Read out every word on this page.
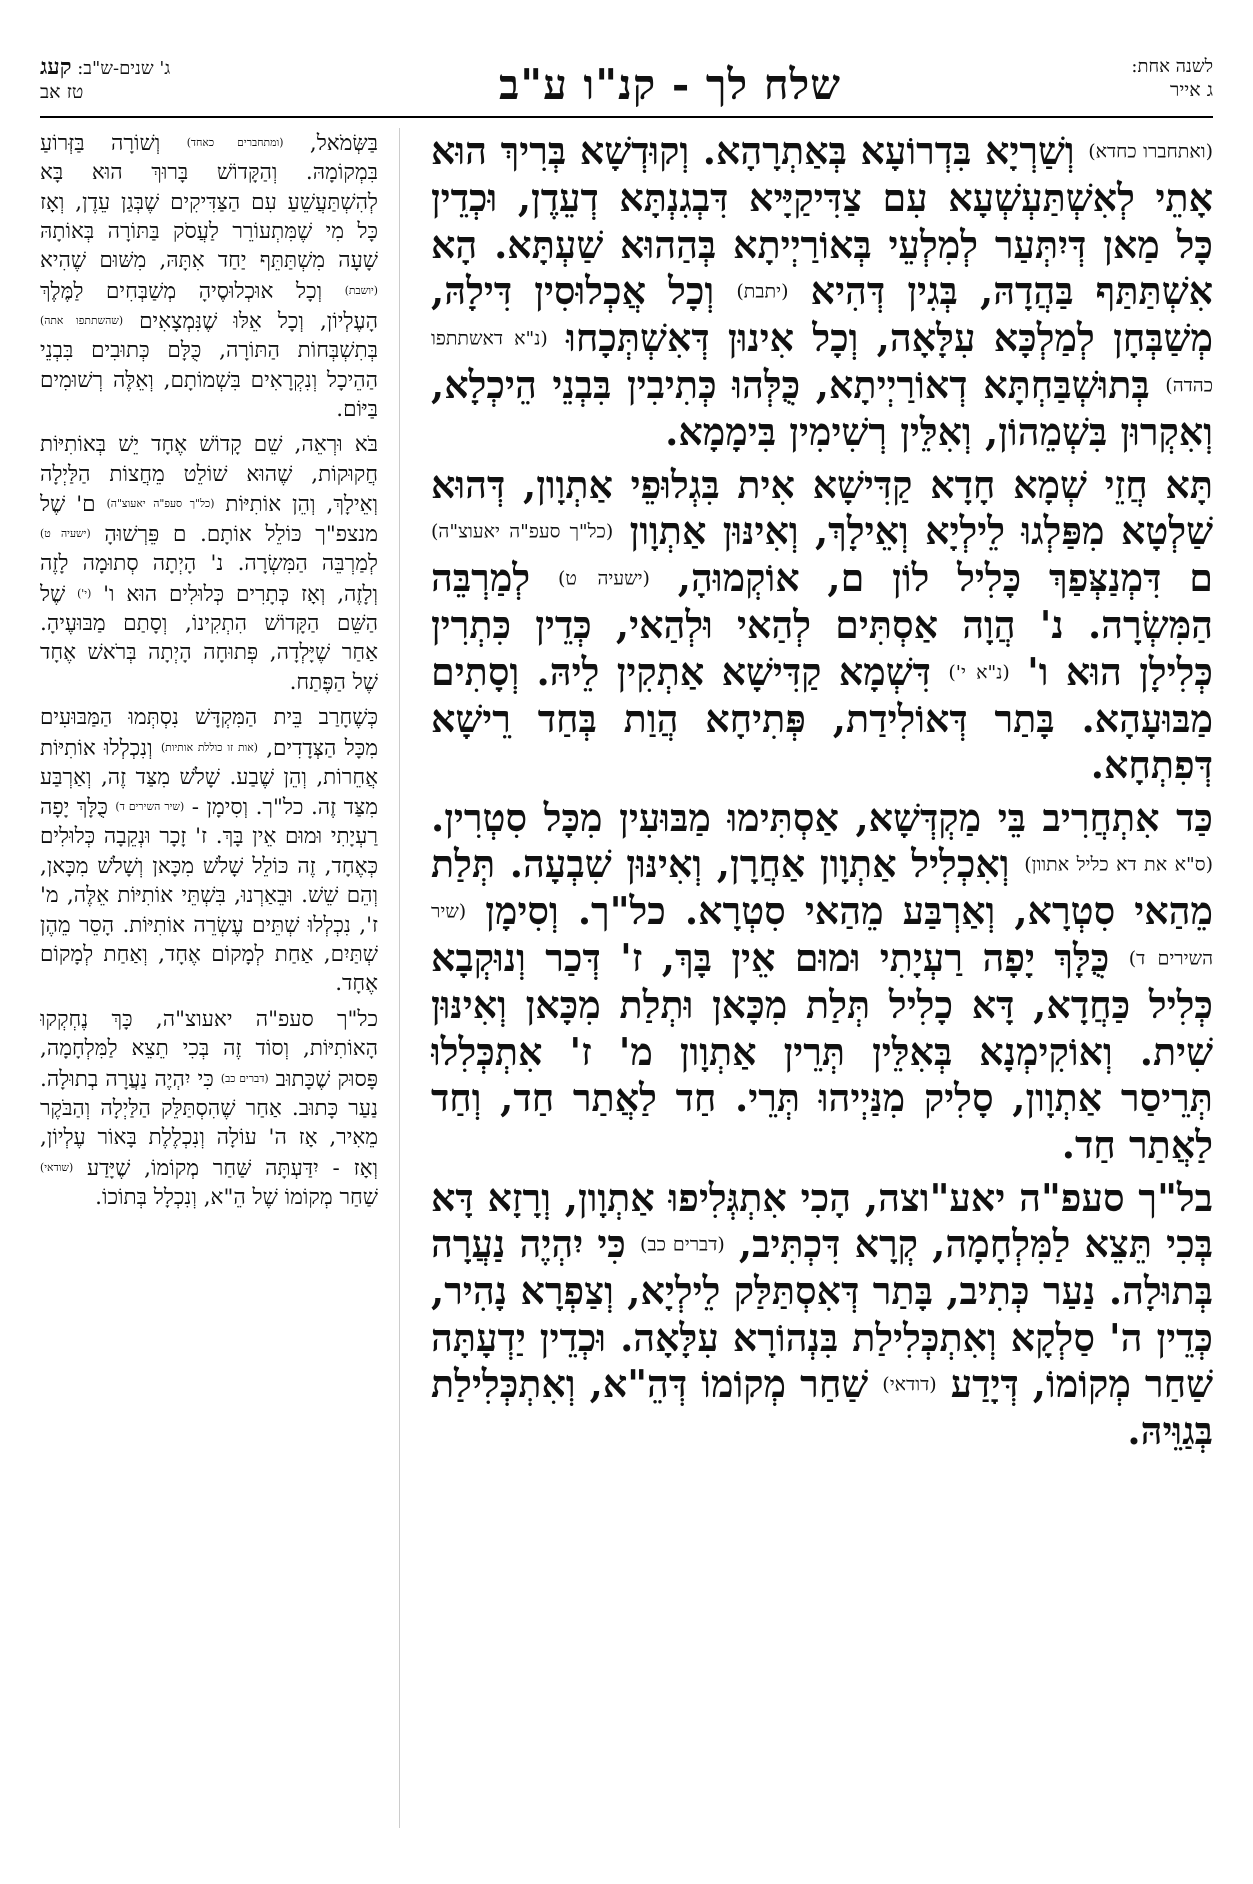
לשנה אחת:
ג אייר
שלח לך - קנ"ו ע"ב
ג' שנים-ש"ב: קעג
טז אב
(ואתחברו כחדא) וְשַׁרְיָא בִּדְרוֹעָא בְּאַתְרָהָא. וְקוּדְשָׁא בְּרִיךְ הוּא אָתֵי לְאִשְׁתַּעְשְׁעָא עִם צַדִּיקַיָּיא דִּבְגִנְתָּא דְעֵדֶן, וּכְדֵין כָּל מַאן דְּיִתְּעַר לְמִלְעֵי בְּאוֹרַיְיתָא בְּהַהוּא שַׁעְתָּא. הָא אִשְׁתַּתַּף בַּהֲדָהּ, בְּגִין דְּהִיא (יתבת) וְכָל אֲכְלוּסִין דִּילָהּ, מְשַׁבְּחָן לְמַלְכָּא עִלָּאָה, וְכָל אִינוּן דְּאִשְׁתְּכָחוּ (נ"א דאשתתפו כהדה) בְּתוּשְׁבַּחְתָּא דְאוֹרַיְיתָא, כֻּלְּהוּ כְּתִיבִין בִּבְנֵי הֵיכְלָא, וְאִקְרוּן בִּשְׁמֵהוֹן, וְאִלֵּין רְשִׁימִין בִּימָמָא.
תָּא חֲזֵי שְׁמָא חָדָא קַדִּישָׁא אִית בִּגְלוּפֵי אַתְוָון, דְּהוּא שַׁלְטָא מִפַּלְגוּ לֵילְיָא וְאֵילָךְ, וְאִינּוּן אַתְוָון (כל"ך סעפ"ה יאעוצ"ה) ם דִּמְנַצְּפַךְ כָּלִיל לוֹן ם, אוֹקְמוּהָ, (ישעיה ט) לְמַרְבֵּה הַמִּשְׂרָה. נ' הֲוָה אַסְתִּים לְהַאי וּלְהַאי, כְּדֵין כִּתְרִין כְּלִילָן הוּא ו' (נ"א י') דִּשְׁמָא קַדִּישָׁא אַתְקִין לֵיהּ. וְסָתִים מַבּוּעָהָא. בָּתַר דְּאוֹלִידַת, פְּתִיחָא הֲוַת בְּחַד רֵישָׁא דְּפִתְחָא.
כַּד אִתְחֲרִיב בֵּי מַקְדְּשָׁא, אַסְתִּימוּ מַבּוּעִין מִכָּל סִטְרִין. (ס"א את דא כליל אתוון) וְאִכְלִיל אַתְוָון אַחֲרָן, וְאִינּוּן שִׁבְעָה. תְּלַת מֵהַאי סִטְרָא, וְאַרְבַּע מֵהַאי סִטְרָא. כל"ך. וְסִימָן (שיר השירים ד) כֻּלָּךְ יָפָה רַעְיָתִי וּמוּם אֵין בָּךְ, ז' דְּכַר וְנוּקְבָא כְּלִיל כַּחֲדָא, דָּא כָלִיל תְּלַת מִכָּאן וּתְלַת מִכָּאן וְאִינּוּן שִׁית. וְאוֹקִימְנָא בְּאִלֵּין תְּרֵין אַתְוָון מ' ז' אִתְכְּלִלוּ תְּרֵיסַר אַתְוָון, סָלִיק מִנַּיְיהוּ תְּרֵי. חַד לַאֲתַר חַד, וְחַד לַאֲתַר חַד.
בל"ך סעפ"ה יאע"וצה, הָכִי אִתְגְּלִיפוּ אַתְוָון, וְרָזָא דָּא בְּכִי תֵּצֵא לַמִּלְחָמָה, קְרָא דִּכְתִּיב, (דברים כב) כִּי יִהְיֶה נַעֲרָה בְּתוּלָה. נַעַר כְּתִיב, בָּתַר דְּאִסְתַּלַּק לֵילְיָא, וְצַפְרָא נָהִיר, כְּדֵין ה' סַלְקָא וְאִתְכְּלִילַת בִּנְהוֹרָא עִלָּאָה. וּכְדֵין יַדְעָתָּה שַׁחַר מְקוֹמוֹ, דְּיָדַע (דודאי) שַׁחַר מְקוֹמוֹ דְּהֵ"א, וְאִתְכְּלִילַת בְּגַוֵּיהּ.
בַּשְּׂמֹאל, (ומתחברים כאחד) וְשׁוֹרָה בַּזְּרוֹעַ בִּמְקוֹמָהּ. וְהַקָּדוֹשׁ בָּרוּךְ הוּא בָּא לְהִשְׁתַּעֲשֵׁעַ עִם הַצַּדִּיקִים שֶׁבְּגַן עֵדֶן, וְאָז כָּל מִי שֶׁמִּתְעוֹרֵר לַעֲסֹק בַּתּוֹרָה בְּאוֹתָהּ שָׁעָה מִשְׁתַּתֵּף יַחַד אִתָּהּ, מִשּׁוּם שֶׁהִיא (יושבת) וְכָל אוּכְלוּסֶיהָ מְשַׁבְּחִים לַמֶּלֶךְ הָעֶלְיוֹן, וְכָל אֵלּוּ שֶׁנִּמְצָאִים (שהשתתפו אתה) בְּתִשְׁבְּחוֹת הַתּוֹרָה, כֻּלָּם כְּתוּבִים בִּבְנֵי הַהֵיכָל וְנִקְרָאִים בִּשְׁמוֹתָם, וְאֵלֶּה רְשׁוּמִים בַּיּוֹם.
בֹּא וּרְאֵה, שֵׁם קָדוֹשׁ אֶחָד יֵשׁ בְּאוֹתִיּוֹת חֲקוּקוֹת, שֶׁהוּא שׁוֹלֵט מֵחֲצוֹת הַלַּיְלָה וְאֵילָךְ, וְהֵן אוֹתִיּוֹת (כל"ך סעפ"ה יאעוצ"ה) ם' שֶׁל מנצפ"ך כּוֹלֵל אוֹתָם. ם פֵּרְשׁוּהָ (ישעיה ט) לְמַרְבֵּה הַמִּשְׂרָה. נ' הָיְתָה סְתוּמָה לָזֶה וְלָזֶה, וְאָז כְּתָרִים כְּלוּלִים הוּא ו' (י') שֶׁל הַשֵּׁם הַקָּדוֹשׁ הִתְקִינוֹ, וְסָתַם מַבּוּעֶיהָ. אַחַר שֶׁיָּלְדָה, פְּתוּחָה הָיְתָה בְּרֹאשׁ אֶחָד שֶׁל הַפֶּתַח.
כְּשֶׁחָרַב בֵּית הַמִּקְדָּשׁ נִסְתְּמוּ הַמַּבּוּעִים מִכָּל הַצְּדָדִים, (אות זו כוללת אותיות) וְנִכְלְלוּ אוֹתִיּוֹת אֲחֵרוֹת, וְהֵן שֶׁבַע. שָׁלֹשׁ מִצַּד זֶה, וְאַרְבַּע מִצַּד זֶה. כל"ך. וְסִימָן - (שיר השירים ד) כֻּלָּךְ יָפָה רַעְיָתִי וּמוּם אֵין בָּךְ. ז' זָכָר וּנְקֵבָה כְּלוּלִים כְּאֶחָד, זֶה כּוֹלֵל שָׁלֹשׁ מִכָּאן וְשָׁלֹשׁ מִכָּאן, וְהֵם שֵׁשׁ. וּבֵאַרְנוּ, בִּשְׁתֵּי אוֹתִיּוֹת אֵלֶּה, מ' ז', נִכְלְלוּ שְׁתֵּים עֶשְׂרֵה אוֹתִיּוֹת. הָסֵר מֵהֶן שְׁתַּיִם, אַחַת לְמָקוֹם אֶחָד, וְאַחַת לְמָקוֹם אֶחָד.
כל"ך סעפ"ה יאעוצ"ה, כָּךְ נֶחְקְקוּ הָאוֹתִיּוֹת, וְסוֹד זֶה בְּכִי תֵצֵא לַמִּלְחָמָה, פָּסוּק שֶׁכָּתוּב (דברים כב) כִּי יִהְיֶה נַעֲרָה בְתוּלָה. נַעַר כָּתוּב. אַחַר שֶׁהִסְתַּלֵּק הַלַּיְלָה וְהַבֹּקֶר מֵאִיר, אָז ה' עוֹלָה וְנִכְלֶלֶת בָּאוֹר עֶלְיוֹן, וְאָז - יִדַּעְתָּה שַּׁחַר מְקוֹמוֹ, שֶׁיָּדַע (שודאי) שַׁחַר מְקוֹמוֹ שֶׁל הֵ"א, וְנִכְלָל בְּתוֹכוֹ.
